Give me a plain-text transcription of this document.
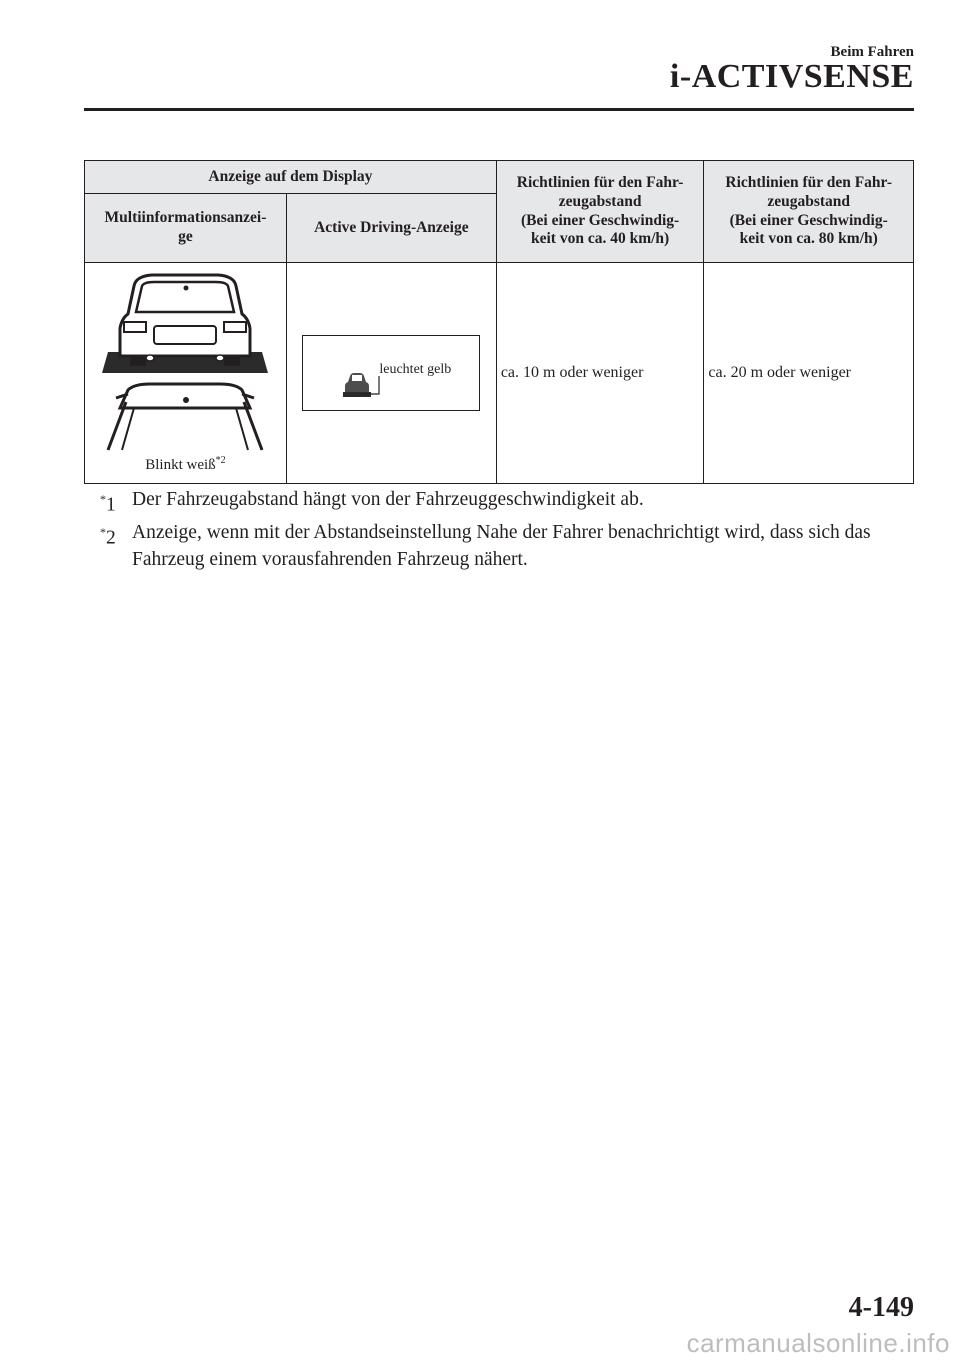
Beim Fahren
i-ACTIVSENSE
Anzeige auf dem Display		Richtlinien für den Fahr-
zeugabstand
(Bei einer Geschwindig-
keit von ca. 40 km/h)	Richtlinien für den Fahr-
zeugabstand
(Bei einer Geschwindig-
keit von ca. 80 km/h)
Multiinformationsanzei-
ge	Active Driving-Anzeige		

Blinkt weiß$^{*2}$	leuchtet gelb	ca. 10 m oder weniger	ca. 20 m oder weniger
*1 Der Fahrzeugabstand hängt von der Fahrzeuggeschwindigkeit ab.
*2 Anzeige, wenn mit der Abstandseinstellung Nahe der Fahrer benachrichtigt wird, dass sich das Fahrzeug einem vorausfahrenden Fahrzeug nähert.
4-149
carmanualsonline.info
